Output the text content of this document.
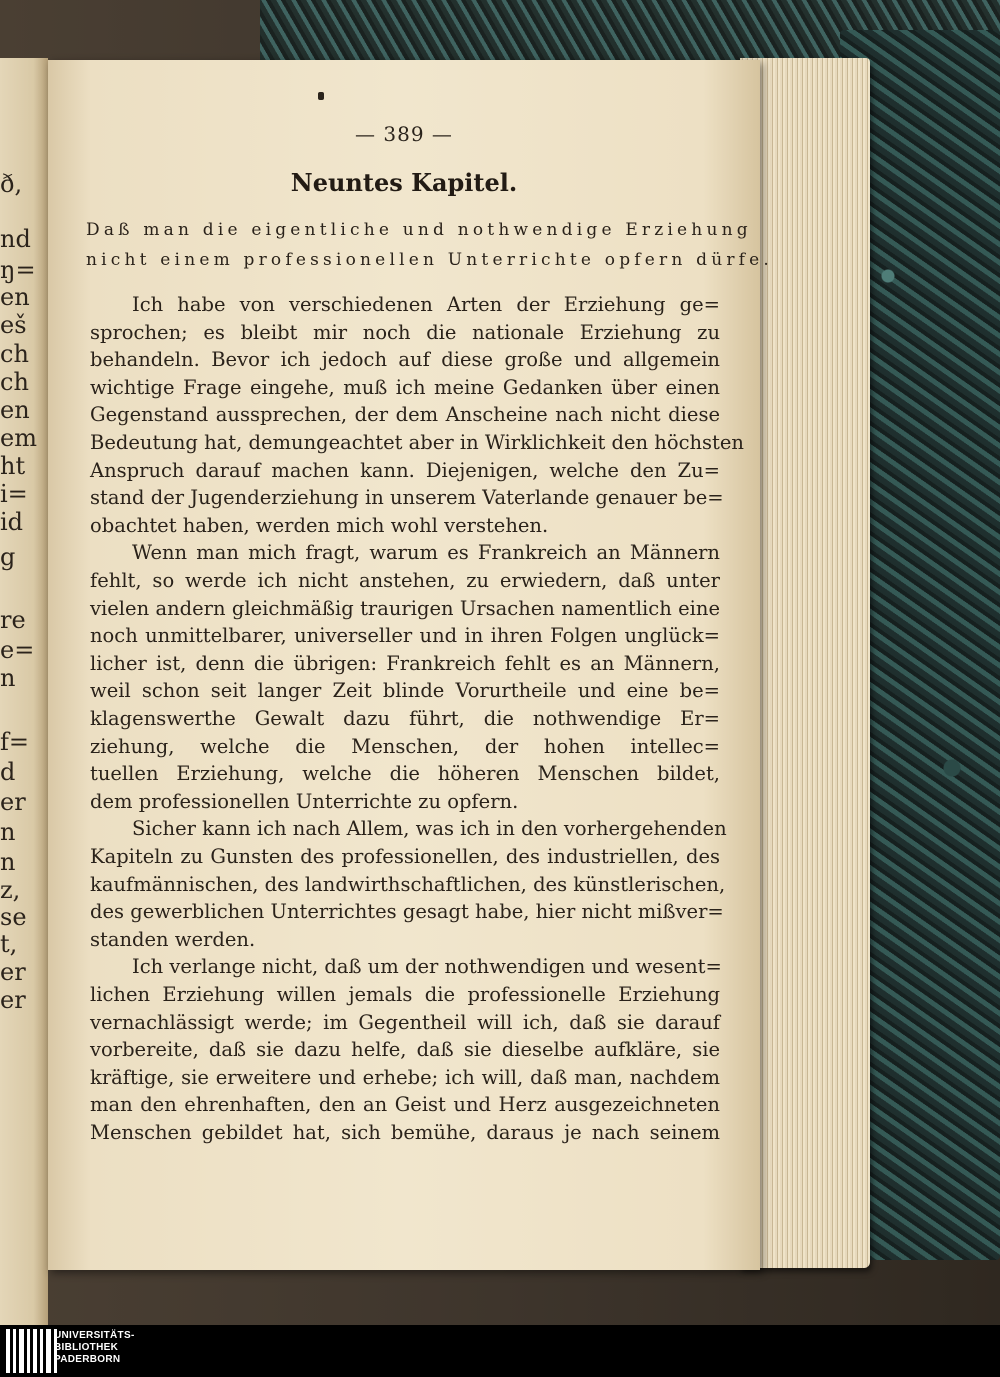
ð,
nd
ŋ=
en
eš
ch
ch
en
em
ht
i=
id
g
re
e=
n
f=
d
er
n
n
z,
se
t,
er
er
— 389 —
Neuntes Kapitel.
Daß man die eigentliche und nothwendige Erziehung
nicht einem professionellen Unterrichte opfern dürfe.
Ich habe von verschiedenen Arten der Erziehung ge=
sprochen; es bleibt mir noch die nationale Erziehung zu
behandeln. Bevor ich jedoch auf diese große und allgemein
wichtige Frage eingehe, muß ich meine Gedanken über einen
Gegenstand aussprechen, der dem Anscheine nach nicht diese
Bedeutung hat, demungeachtet aber in Wirklichkeit den höchsten
Anspruch darauf machen kann. Diejenigen, welche den Zu=
stand der Jugenderziehung in unserem Vaterlande genauer be=
obachtet haben, werden mich wohl verstehen.
Wenn man mich fragt, warum es Frankreich an Männern
fehlt, so werde ich nicht anstehen, zu erwiedern, daß unter
vielen andern gleichmäßig traurigen Ursachen namentlich eine
noch unmittelbarer, universeller und in ihren Folgen unglück=
licher ist, denn die übrigen: Frankreich fehlt es an Männern,
weil schon seit langer Zeit blinde Vorurtheile und eine be=
klagenswerthe Gewalt dazu führt, die nothwendige Er=
ziehung, welche die Menschen, der hohen intellec=
tuellen Erziehung, welche die höheren Menschen bildet,
dem professionellen Unterrichte zu opfern.
Sicher kann ich nach Allem, was ich in den vorhergehenden
Kapiteln zu Gunsten des professionellen, des industriellen, des
kaufmännischen, des landwirthschaftlichen, des künstlerischen,
des gewerblichen Unterrichtes gesagt habe, hier nicht mißver=
standen werden.
Ich verlange nicht, daß um der nothwendigen und wesent=
lichen Erziehung willen jemals die professionelle Erziehung
vernachlässigt werde; im Gegentheil will ich, daß sie darauf
vorbereite, daß sie dazu helfe, daß sie dieselbe aufkläre, sie
kräftige, sie erweitere und erhebe; ich will, daß man, nachdem
man den ehrenhaften, den an Geist und Herz ausgezeichneten
Menschen gebildet hat, sich bemühe, daraus je nach seinem
UNIVERSITÄTS-
BIBLIOTHEK
PADERBORN
